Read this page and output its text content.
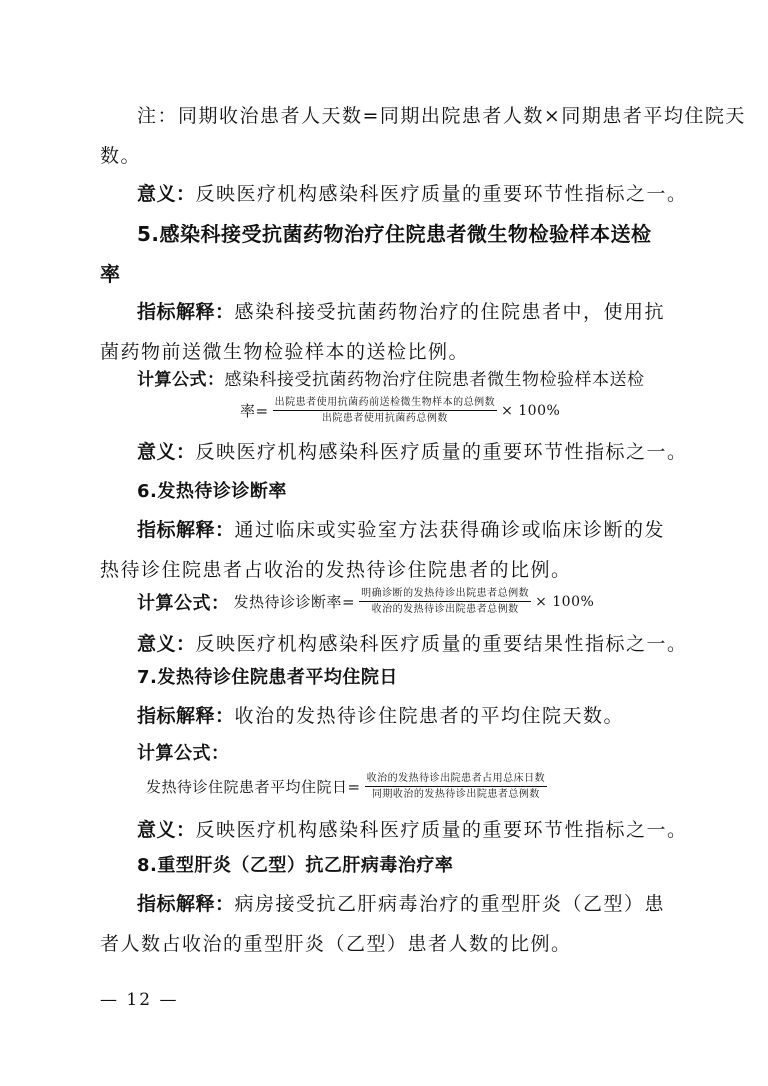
注：同期收治患者人天数=同期出院患者人数×同期患者平均住院天
数。
意义：反映医疗机构感染科医疗质量的重要环节性指标之一。
5.感染科接受抗菌药物治疗住院患者微生物检验样本送检
率
指标解释：感染科接受抗菌药物治疗的住院患者中，使用抗
菌药物前送微生物检验样本的送检比例。
计算公式：感染科接受抗菌药物治疗住院患者微生物检验样本送检
率= $\frac{\text{出院患者使用抗菌药前送检微生物样本的总例数}}{\text{出院患者使用抗菌药总例数}} \times 100\%$
意义：反映医疗机构感染科医疗质量的重要环节性指标之一。
6.发热待诊诊断率
指标解释：通过临床或实验室方法获得确诊或临床诊断的发
热待诊住院患者占收治的发热待诊住院患者的比例。
计算公式： 发热待诊诊断率= $\frac{\text{明确诊断的发热待诊出院患者总例数}}{\text{收治的发热待诊出院患者总例数}} \times 100\%$
意义：反映医疗机构感染科医疗质量的重要结果性指标之一。
7.发热待诊住院患者平均住院日
指标解释：收治的发热待诊住院患者的平均住院天数。
计算公式：
发热待诊住院患者平均住院日= $\frac{\text{收治的发热待诊出院患者占用总床日数}}{\text{同期收治的发热待诊出院患者总例数}}$
意义：反映医疗机构感染科医疗质量的重要环节性指标之一。
8.重型肝炎（乙型）抗乙肝病毒治疗率
指标解释：病房接受抗乙肝病毒治疗的重型肝炎（乙型）患
者人数占收治的重型肝炎（乙型）患者人数的比例。
— 12 —
